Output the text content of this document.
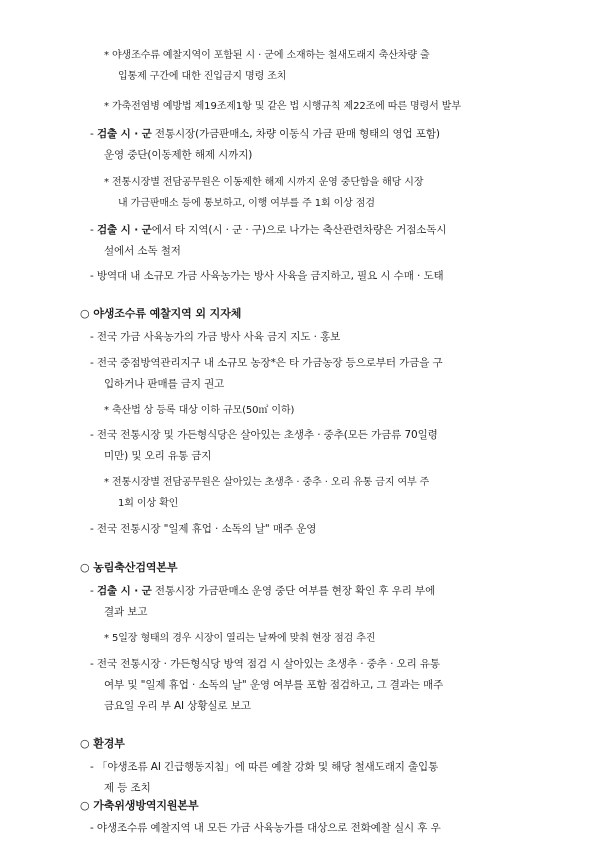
* 야생조수류 예찰지역이 포함된 시 · 군에 소재하는 철새도래지 축산차량 출
입통제 구간에 대한 진입금지 명령 조치
* 가축전염병 예방법 제19조제1항 및 같은 법 시행규칙 제22조에 따른 명령서 발부
- 검출 시 · 군 전통시장(가금판매소, 차량 이동식 가금 판매 형태의 영업 포함)
운영 중단(이동제한 해제 시까지)
* 전통시장별 전담공무원은 이동제한 해제 시까지 운영 중단함을 해당 시장
내 가금판매소 등에 통보하고, 이행 여부를 주 1회 이상 점검
- 검출 시 · 군에서 타 지역(시 · 군 · 구)으로 나가는 축산관련차량은 거점소독시
설에서 소독 철저
- 방역대 내 소규모 가금 사육농가는 방사 사육을 금지하고, 필요 시 수매 · 도태
○ 야생조수류 예찰지역 외 지자체
- 전국 가금 사육농가의 가금 방사 사육 금지 지도 · 홍보
- 전국 중점방역관리지구 내 소규모 농장*은 타 가금농장 등으로부터 가금을 구
입하거나 판매를 금지 권고
* 축산법 상 등록 대상 이하 규모(50㎡ 이하)
- 전국 전통시장 및 가든형식당은 살아있는 초생추 · 중추(모든 가금류 70일령
미만) 및 오리 유통 금지
* 전통시장별 전담공무원은 살아있는 초생추 · 중추 · 오리 유통 금지 여부 주
1회 이상 확인
- 전국 전통시장 "일제 휴업 · 소독의 날" 매주 운영
○ 농림축산검역본부
- 검출 시 · 군 전통시장 가금판매소 운영 중단 여부를 현장 확인 후 우리 부에
결과 보고
* 5일장 형태의 경우 시장이 열리는 날짜에 맞춰 현장 점검 추진
- 전국 전통시장 · 가든형식당 방역 점검 시 살아있는 초생추 · 중추 · 오리 유통
여부 및 "일제 휴업 · 소독의 날" 운영 여부를 포함 점검하고, 그 결과는 매주
금요일 우리 부 AI 상황실로 보고
○ 환경부
- 「야생조류 AI 긴급행동지침」에 따른 예찰 강화 및 해당 철새도래지 출입통
제 등 조치
○ 가축위생방역지원본부
- 야생조수류 예찰지역 내 모든 가금 사육농가를 대상으로 전화예찰 실시 후 우
